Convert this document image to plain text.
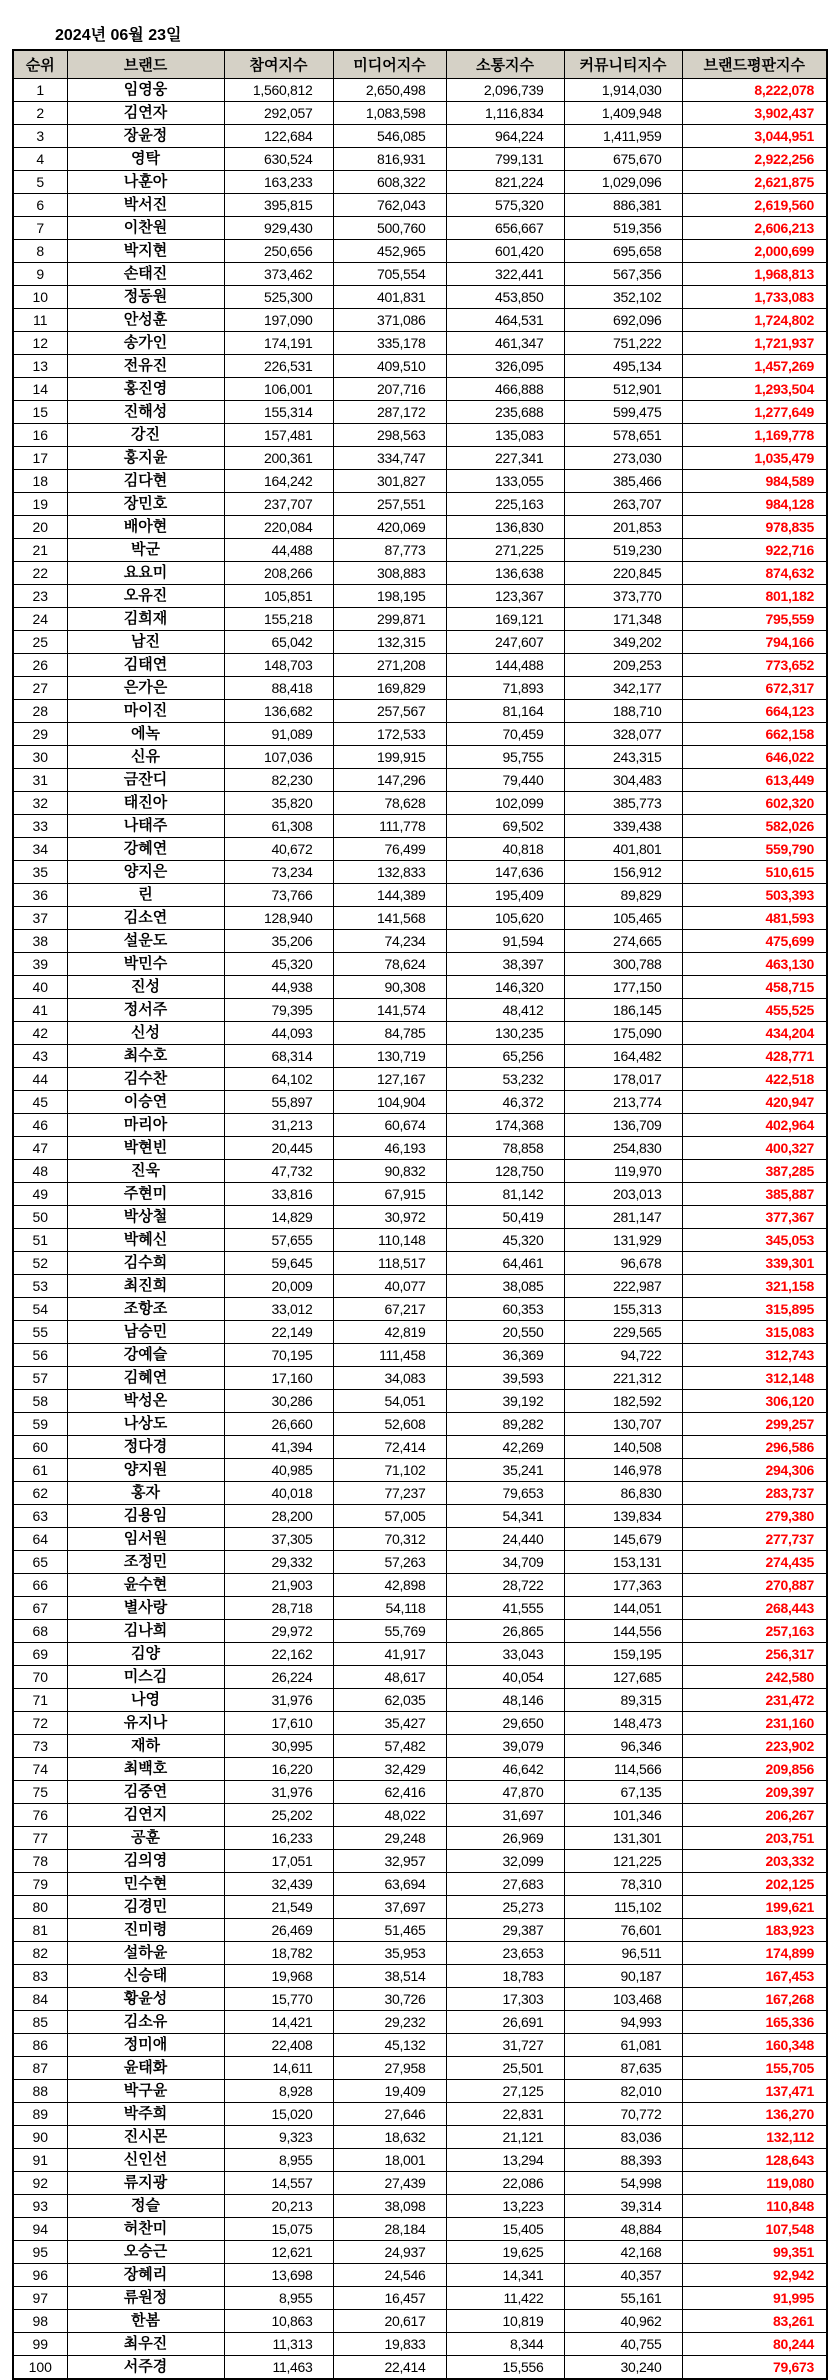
2024년 06월 23일
순위	브랜드	참여지수	미디어지수	소통지수	커뮤니티지수	브랜드평판지수
1	임영웅	1,560,812	2,650,498	2,096,739	1,914,030	8,222,078
2	김연자	292,057	1,083,598	1,116,834	1,409,948	3,902,437
3	장윤정	122,684	546,085	964,224	1,411,959	3,044,951
4	영탁	630,524	816,931	799,131	675,670	2,922,256
5	나훈아	163,233	608,322	821,224	1,029,096	2,621,875
6	박서진	395,815	762,043	575,320	886,381	2,619,560
7	이찬원	929,430	500,760	656,667	519,356	2,606,213
8	박지현	250,656	452,965	601,420	695,658	2,000,699
9	손태진	373,462	705,554	322,441	567,356	1,968,813
10	정동원	525,300	401,831	453,850	352,102	1,733,083
11	안성훈	197,090	371,086	464,531	692,096	1,724,802
12	송가인	174,191	335,178	461,347	751,222	1,721,937
13	전유진	226,531	409,510	326,095	495,134	1,457,269
14	홍진영	106,001	207,716	466,888	512,901	1,293,504
15	진해성	155,314	287,172	235,688	599,475	1,277,649
16	강진	157,481	298,563	135,083	578,651	1,169,778
17	홍지윤	200,361	334,747	227,341	273,030	1,035,479
18	김다현	164,242	301,827	133,055	385,466	984,589
19	장민호	237,707	257,551	225,163	263,707	984,128
20	배아현	220,084	420,069	136,830	201,853	978,835
21	박군	44,488	87,773	271,225	519,230	922,716
22	요요미	208,266	308,883	136,638	220,845	874,632
23	오유진	105,851	198,195	123,367	373,770	801,182
24	김희재	155,218	299,871	169,121	171,348	795,559
25	남진	65,042	132,315	247,607	349,202	794,166
26	김태연	148,703	271,208	144,488	209,253	773,652
27	은가은	88,418	169,829	71,893	342,177	672,317
28	마이진	136,682	257,567	81,164	188,710	664,123
29	에녹	91,089	172,533	70,459	328,077	662,158
30	신유	107,036	199,915	95,755	243,315	646,022
31	금잔디	82,230	147,296	79,440	304,483	613,449
32	태진아	35,820	78,628	102,099	385,773	602,320
33	나태주	61,308	111,778	69,502	339,438	582,026
34	강혜연	40,672	76,499	40,818	401,801	559,790
35	양지은	73,234	132,833	147,636	156,912	510,615
36	린	73,766	144,389	195,409	89,829	503,393
37	김소연	128,940	141,568	105,620	105,465	481,593
38	설운도	35,206	74,234	91,594	274,665	475,699
39	박민수	45,320	78,624	38,397	300,788	463,130
40	진성	44,938	90,308	146,320	177,150	458,715
41	정서주	79,395	141,574	48,412	186,145	455,525
42	신성	44,093	84,785	130,235	175,090	434,204
43	최수호	68,314	130,719	65,256	164,482	428,771
44	김수찬	64,102	127,167	53,232	178,017	422,518
45	이승연	55,897	104,904	46,372	213,774	420,947
46	마리아	31,213	60,674	174,368	136,709	402,964
47	박현빈	20,445	46,193	78,858	254,830	400,327
48	진욱	47,732	90,832	128,750	119,970	387,285
49	주현미	33,816	67,915	81,142	203,013	385,887
50	박상철	14,829	30,972	50,419	281,147	377,367
51	박혜신	57,655	110,148	45,320	131,929	345,053
52	김수희	59,645	118,517	64,461	96,678	339,301
53	최진희	20,009	40,077	38,085	222,987	321,158
54	조항조	33,012	67,217	60,353	155,313	315,895
55	남승민	22,149	42,819	20,550	229,565	315,083
56	강예슬	70,195	111,458	36,369	94,722	312,743
57	김혜연	17,160	34,083	39,593	221,312	312,148
58	박성온	30,286	54,051	39,192	182,592	306,120
59	나상도	26,660	52,608	89,282	130,707	299,257
60	정다경	41,394	72,414	42,269	140,508	296,586
61	양지원	40,985	71,102	35,241	146,978	294,306
62	홍자	40,018	77,237	79,653	86,830	283,737
63	김용임	28,200	57,005	54,341	139,834	279,380
64	임서원	37,305	70,312	24,440	145,679	277,737
65	조정민	29,332	57,263	34,709	153,131	274,435
66	윤수현	21,903	42,898	28,722	177,363	270,887
67	별사랑	28,718	54,118	41,555	144,051	268,443
68	김나희	29,972	55,769	26,865	144,556	257,163
69	김양	22,162	41,917	33,043	159,195	256,317
70	미스김	26,224	48,617	40,054	127,685	242,580
71	나영	31,976	62,035	48,146	89,315	231,472
72	유지나	17,610	35,427	29,650	148,473	231,160
73	재하	30,995	57,482	39,079	96,346	223,902
74	최백호	16,220	32,429	46,642	114,566	209,856
75	김중연	31,976	62,416	47,870	67,135	209,397
76	김연지	25,202	48,022	31,697	101,346	206,267
77	공훈	16,233	29,248	26,969	131,301	203,751
78	김의영	17,051	32,957	32,099	121,225	203,332
79	민수현	32,439	63,694	27,683	78,310	202,125
80	김경민	21,549	37,697	25,273	115,102	199,621
81	진미령	26,469	51,465	29,387	76,601	183,923
82	설하윤	18,782	35,953	23,653	96,511	174,899
83	신승태	19,968	38,514	18,783	90,187	167,453
84	황윤성	15,770	30,726	17,303	103,468	167,268
85	김소유	14,421	29,232	26,691	94,993	165,336
86	정미애	22,408	45,132	31,727	61,081	160,348
87	윤태화	14,611	27,958	25,501	87,635	155,705
88	박구윤	8,928	19,409	27,125	82,010	137,471
89	박주희	15,020	27,646	22,831	70,772	136,270
90	진시몬	9,323	18,632	21,121	83,036	132,112
91	신인선	8,955	18,001	13,294	88,393	128,643
92	류지광	14,557	27,439	22,086	54,998	119,080
93	정슬	20,213	38,098	13,223	39,314	110,848
94	허찬미	15,075	28,184	15,405	48,884	107,548
95	오승근	12,621	24,937	19,625	42,168	99,351
96	장혜리	13,698	24,546	14,341	40,357	92,942
97	류원정	8,955	16,457	11,422	55,161	91,995
98	한봄	10,863	20,617	10,819	40,962	83,261
99	최우진	11,313	19,833	8,344	40,755	80,244
100	서주경	11,463	22,414	15,556	30,240	79,673
